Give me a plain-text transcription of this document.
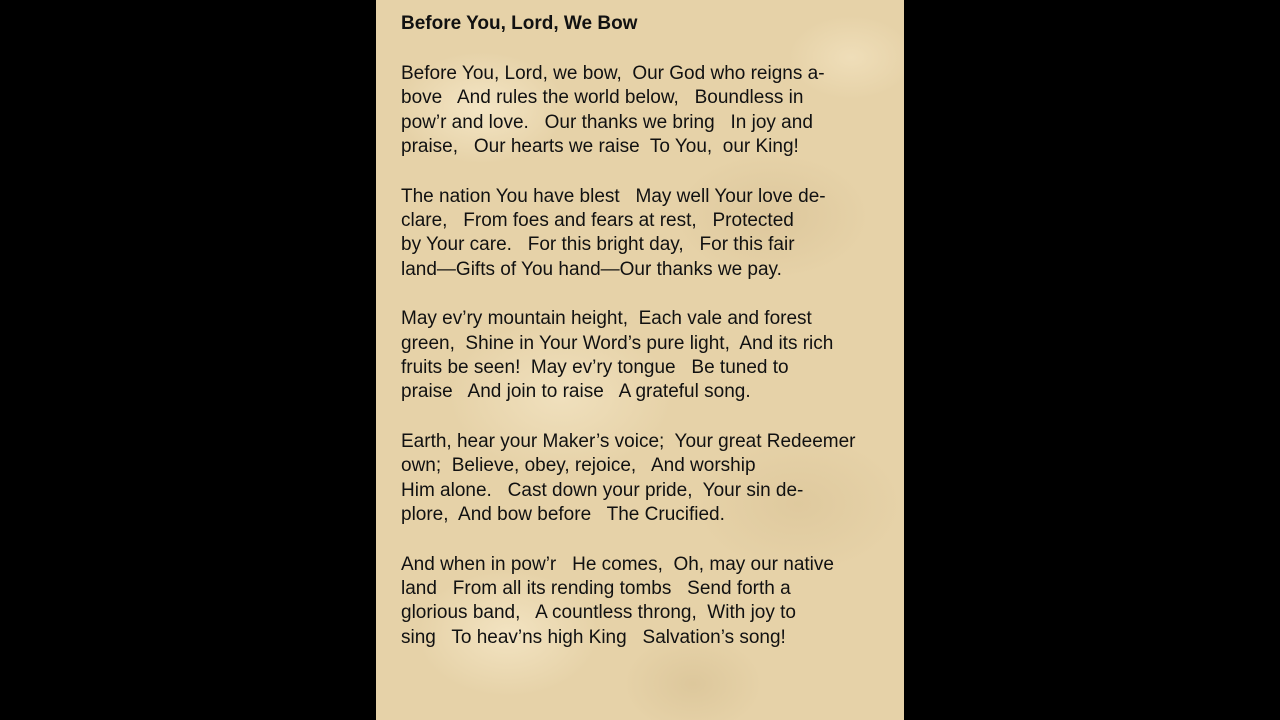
Before You, Lord, We Bow
Before You, Lord, we bow,  Our God who reigns a-
bove   And rules the world below,   Boundless in
pow’r and love.   Our thanks we bring   In joy and
praise,   Our hearts we raise  To You,  our King!
The nation You have blest   May well Your love de-
clare,   From foes and fears at rest,   Protected
by Your care.   For this bright day,   For this fair
land—Gifts of You hand—Our thanks we pay.
May ev’ry mountain height,  Each vale and forest
green,  Shine in Your Word’s pure light,  And its rich
fruits be seen!  May ev’ry tongue   Be tuned to
praise   And join to raise   A grateful song.
Earth, hear your Maker’s voice;  Your great Redeemer
own;  Believe, obey, rejoice,   And worship
Him alone.   Cast down your pride,  Your sin de-
plore,  And bow before   The Crucified.
And when in pow’r   He comes,  Oh, may our native
land   From all its rending tombs   Send forth a
glorious band,   A countless throng,  With joy to
sing   To heav’ns high King   Salvation’s song!
